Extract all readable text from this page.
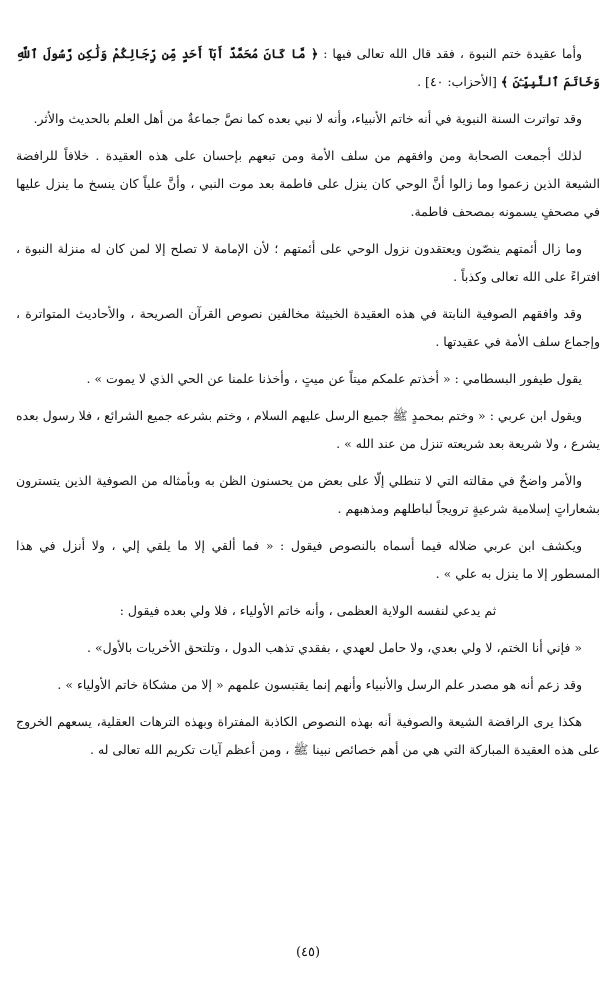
وأما عقيدة ختم النبوة ، فقد قال الله تعالى فيها : ﴿ مَّا كَانَ مُحَمَّدٌ أَبَآ أَحَدٍ مِّن رِّجَالِكُمْ وَلَٰكِن رَّسُولَ ٱللَّهِ وَخَاتَمَ ٱلنَّبِيِّـۧنَ ﴾ [الأحزاب: ٤٠] .

وقد تواترت السنة النبوية في أنه خاتم الأنبياء، وأنه لا نبي بعده كما نصَّ جماعةٌ من أهل العلم بالحديث والأثر.

لذلك أجمعت الصحابة ومن وافقهم من سلف الأمة ومن تبعهم بإحسان على هذه العقيدة . خلافاً للرافضة الشيعة الذين زعموا وما زالوا أنَّ الوحي كان ينزل على فاطمة بعد موت النبي ، وأنَّ علياً كان ينسخ ما ينزل عليها في مصحفٍ يسمونه بمصحف فاطمة.

وما زال أئمتهم ينصّون ويعتقدون نزول الوحي على أئمتهم ؛ لأن الإمامة لا تصلح إلا لمن كان له منزلة النبوة ، افتراءً على الله تعالى وكذباً .

وقد وافقهم الصوفية النابتة في هذه العقيدة الخبيثة مخالفين نصوص القرآن الصريحة ، والأحاديث المتواترة ، وإجماع سلف الأمة في عقيدتها .

يقول طيفور البسطامي : « أخذتم علمكم ميتاً عن ميتٍ ، وأخذنا علمنا عن الحي الذي لا يموت » .

ويقول ابن عربي : « وختم بمحمدٍ ﷺ جميع الرسل عليهم السلام ، وختم بشرعه جميع الشرائع ، فلا رسول بعده يشرع ، ولا شريعة بعد شريعته تنزل من عند الله » .

والأمر واضحٌ في مقالته التي لا تنطلي إلّا على بعض من يحسنون الظن به وبأمثاله من الصوفية الذين يتسترون بشعاراتٍ إسلامية شرعيةٍ ترويجاً لباطلهم ومذهبهم .

ويكشف ابن عربي ضلاله فيما أسماه بالنصوص فيقول : « فما ألقي إلا ما يلقي إلي ، ولا أنزل في هذا المسطور إلا ما ينزل به علي » .

ثم يدعي لنفسه الولاية العظمى ، وأنه خاتم الأولياء ، فلا ولي بعده فيقول :

« فإني أنا الختم، لا ولي بعدي، ولا حامل لعهدي ، بفقدي تذهب الدول ، وتلتحق الأخريات بالأول» .

وقد زعم أنه هو مصدر علم الرسل والأنبياء وأنهم إنما يقتبسون علمهم « إلا من مشكاة خاتم الأولياء » .

هكذا يرى الرافضة الشيعة والصوفية أنه بهذه النصوص الكاذبة المفتراة وبهذه الترهات العقلية، يسعهم الخروج على هذه العقيدة المباركة التي هي من أهم خصائص نبينا ﷺ ، ومن أعظم آيات تكريم الله تعالى له .

(٤٥)
